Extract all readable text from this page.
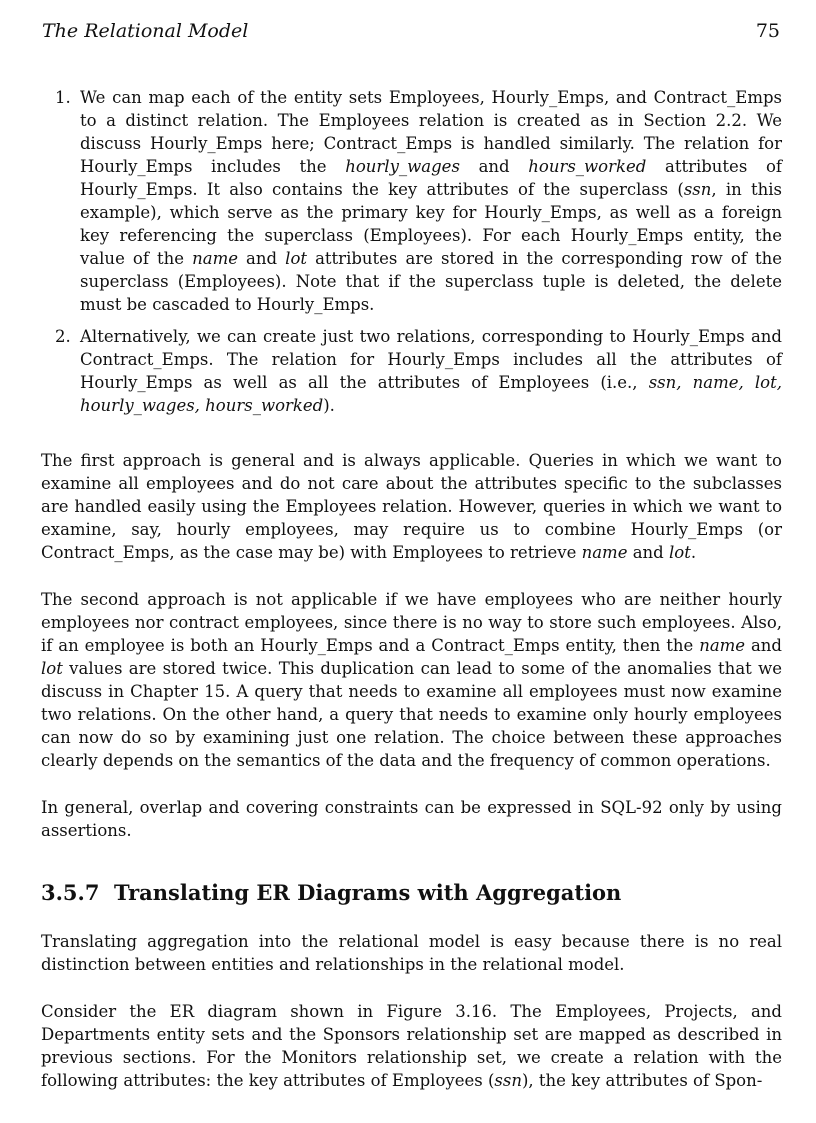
The Relational Model	75
1. We can map each of the entity sets Employees, Hourly_Emps, and Contract_Emps to a distinct relation. The Employees relation is created as in Section 2.2. We discuss Hourly_Emps here; Contract_Emps is handled similarly. The relation for Hourly_Emps includes the hourly_wages and hours_worked attributes of Hourly_Emps. It also contains the key attributes of the superclass (ssn, in this example), which serve as the primary key for Hourly_Emps, as well as a foreign key referencing the superclass (Employees). For each Hourly_Emps entity, the value of the name and lot attributes are stored in the corresponding row of the superclass (Employees). Note that if the superclass tuple is deleted, the delete must be cascaded to Hourly_Emps.
2. Alternatively, we can create just two relations, corresponding to Hourly_Emps and Contract_Emps. The relation for Hourly_Emps includes all the attributes of Hourly_Emps as well as all the attributes of Employees (i.e., ssn, name, lot, hourly_wages, hours_worked).

The first approach is general and is always applicable. Queries in which we want to examine all employees and do not care about the attributes specific to the subclasses are handled easily using the Employees relation. However, queries in which we want to examine, say, hourly employees, may require us to combine Hourly_Emps (or Contract_Emps, as the case may be) with Employees to retrieve name and lot.

The second approach is not applicable if we have employees who are neither hourly employees nor contract employees, since there is no way to store such employees. Also, if an employee is both an Hourly_Emps and a Contract_Emps entity, then the name and lot values are stored twice. This duplication can lead to some of the anomalies that we discuss in Chapter 15. A query that needs to examine all employees must now examine two relations. On the other hand, a query that needs to examine only hourly employees can now do so by examining just one relation. The choice between these approaches clearly depends on the semantics of the data and the frequency of common operations.

In general, overlap and covering constraints can be expressed in SQL-92 only by using assertions.

3.5.7 Translating ER Diagrams with Aggregation

Translating aggregation into the relational model is easy because there is no real distinction between entities and relationships in the relational model.

Consider the ER diagram shown in Figure 3.16. The Employees, Projects, and Departments entity sets and the Sponsors relationship set are mapped as described in previous sections. For the Monitors relationship set, we create a relation with the following attributes: the key attributes of Employees (ssn), the key attributes of Spon-
